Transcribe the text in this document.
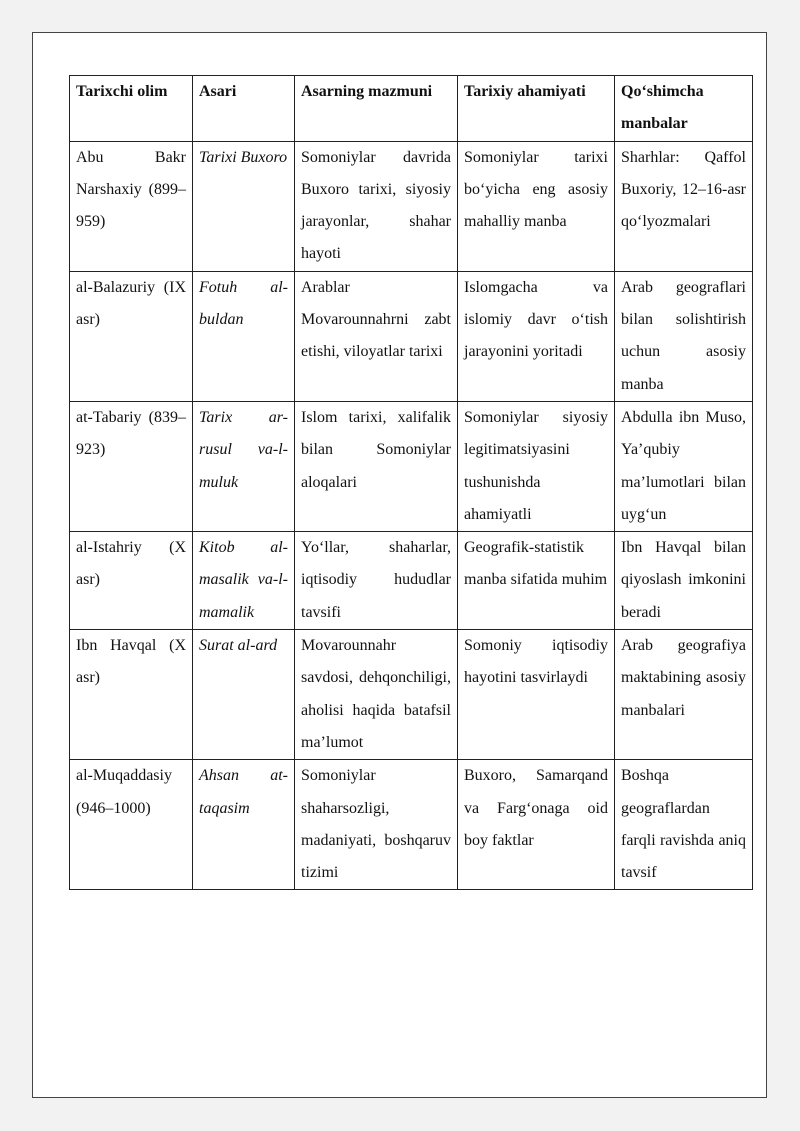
Tarixchi olim	Asari	Asarning mazmuni	Tarixiy ahamiyati	Qo‘shimcha manbalar
Abu Bakr Narshaxiy (899–959)	Tarixi Buxoro	Somoniylar davrida Buxoro tarixi, siyosiy jarayonlar, shahar hayoti	Somoniylar tarixi bo‘yicha eng asosiy mahalliy manba	Sharhlar: Qaffol Buxoriy, 12–16-asr qo‘lyozmalari
al-Balazuriy (IX asr)	Fotuh al-buldan	Arablar Movarounnahrni zabt etishi, viloyatlar tarixi	Islomgacha va islomiy davr o‘tish jarayonini yoritadi	Arab geograflari bilan solishtirish uchun asosiy manba
at-Tabariy (839–923)	Tarix ar-rusul va-l-muluk	Islom tarixi, xalifalik bilan Somoniylar aloqalari	Somoniylar siyosiy legitimatsiyasini tushunishda ahamiyatli	Abdulla ibn Muso, Ya’qubiy ma’lumotlari bilan uyg‘un
al-Istahriy (X asr)	Kitob al-masalik va-l-mamalik	Yo‘llar, shaharlar, iqtisodiy hududlar tavsifi	Geografik-statistik manba sifatida muhim	Ibn Havqal bilan qiyoslash imkonini beradi
Ibn Havqal (X asr)	Surat al-ard	Movarounnahr savdosi, dehqonchiligi, aholisi haqida batafsil ma’lumot	Somoniy iqtisodiy hayotini tasvirlaydi	Arab geografiya maktabining asosiy manbalari
al-Muqaddasiy (946–1000)	Ahsan at-taqasim	Somoniylar shaharsozligi, madaniyati, boshqaruv tizimi	Buxoro, Samarqand va Farg‘onaga oid boy faktlar	Boshqa geograflardan farqli ravishda aniq tavsif
